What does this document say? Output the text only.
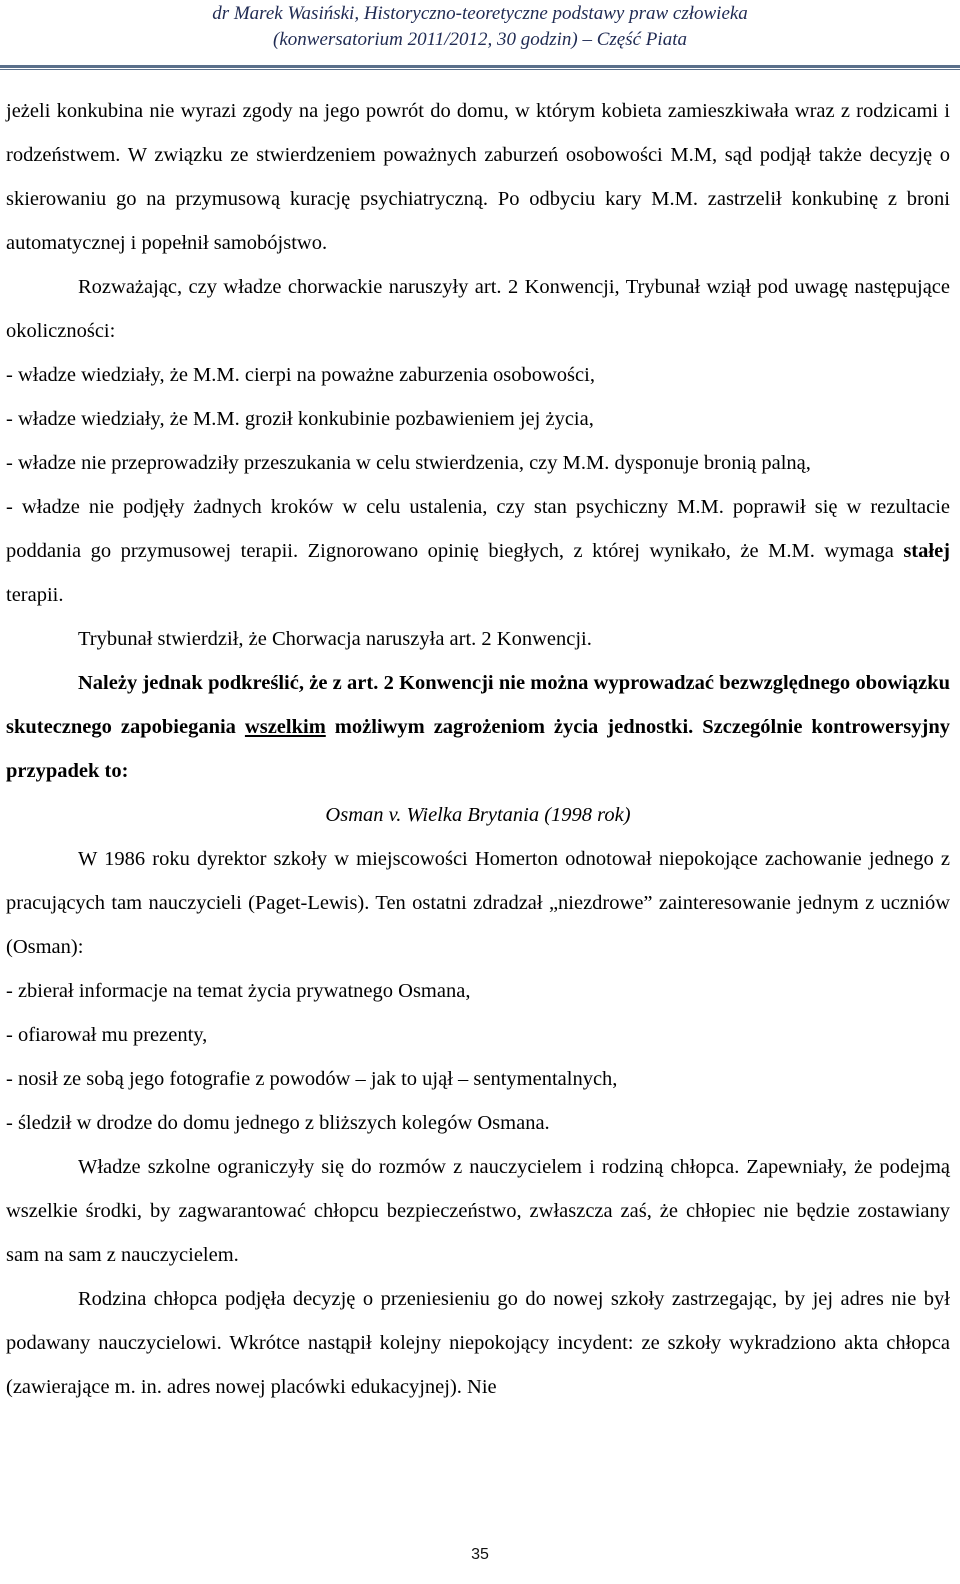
dr Marek Wasiński, Historyczno-teoretyczne podstawy praw człowieka
(konwersatorium 2011/2012, 30 godzin) – Część Piata

jeżeli konkubina nie wyrazi zgody na jego powrót do domu, w którym kobieta zamieszkiwała wraz z rodzicami i rodzeństwem. W związku ze stwierdzeniem poważnych zaburzeń osobowości M.M, sąd podjął także decyzję o skierowaniu go na przymusową kurację psychiatryczną. Po odbyciu kary M.M. zastrzelił konkubinę z broni automatycznej i popełnił samobójstwo.

Rozważając, czy władze chorwackie naruszyły art. 2 Konwencji, Trybunał wziął pod uwagę następujące okoliczności:

- władze wiedziały, że M.M. cierpi na poważne zaburzenia osobowości,

- władze wiedziały, że M.M. groził konkubinie pozbawieniem jej życia,

- władze nie przeprowadziły przeszukania w celu stwierdzenia, czy M.M. dysponuje bronią palną,

- władze nie podjęły żadnych kroków w celu ustalenia, czy stan psychiczny M.M. poprawił się w rezultacie poddania go przymusowej terapii. Zignorowano opinię biegłych, z której wynikało, że M.M. wymaga stałej terapii.

Trybunał stwierdził, że Chorwacja naruszyła art. 2 Konwencji.

Należy jednak podkreślić, że z art. 2 Konwencji nie można wyprowadzać bezwzględnego obowiązku skutecznego zapobiegania wszelkim możliwym zagrożeniom życia jednostki. Szczególnie kontrowersyjny przypadek to:

Osman v. Wielka Brytania (1998 rok)

W 1986 roku dyrektor szkoły w miejscowości Homerton odnotował niepokojące zachowanie jednego z pracujących tam nauczycieli (Paget-Lewis). Ten ostatni zdradzał „niezdrowe” zainteresowanie jednym z uczniów (Osman):

- zbierał informacje na temat życia prywatnego Osmana,

- ofiarował mu prezenty,

- nosił ze sobą jego fotografie z powodów – jak to ujął – sentymentalnych,

- śledził w drodze do domu jednego z bliższych kolegów Osmana.

Władze szkolne ograniczyły się do rozmów z nauczycielem i rodziną chłopca. Zapewniały, że podejmą wszelkie środki, by zagwarantować chłopcu bezpieczeństwo, zwłaszcza zaś, że chłopiec nie będzie zostawiany sam na sam z nauczycielem.

Rodzina chłopca podjęła decyzję o przeniesieniu go do nowej szkoły zastrzegając, by jej adres nie był podawany nauczycielowi. Wkrótce nastąpił kolejny niepokojący incydent: ze szkoły wykradziono akta chłopca (zawierające m. in. adres nowej placówki edukacyjnej). Nie

35
